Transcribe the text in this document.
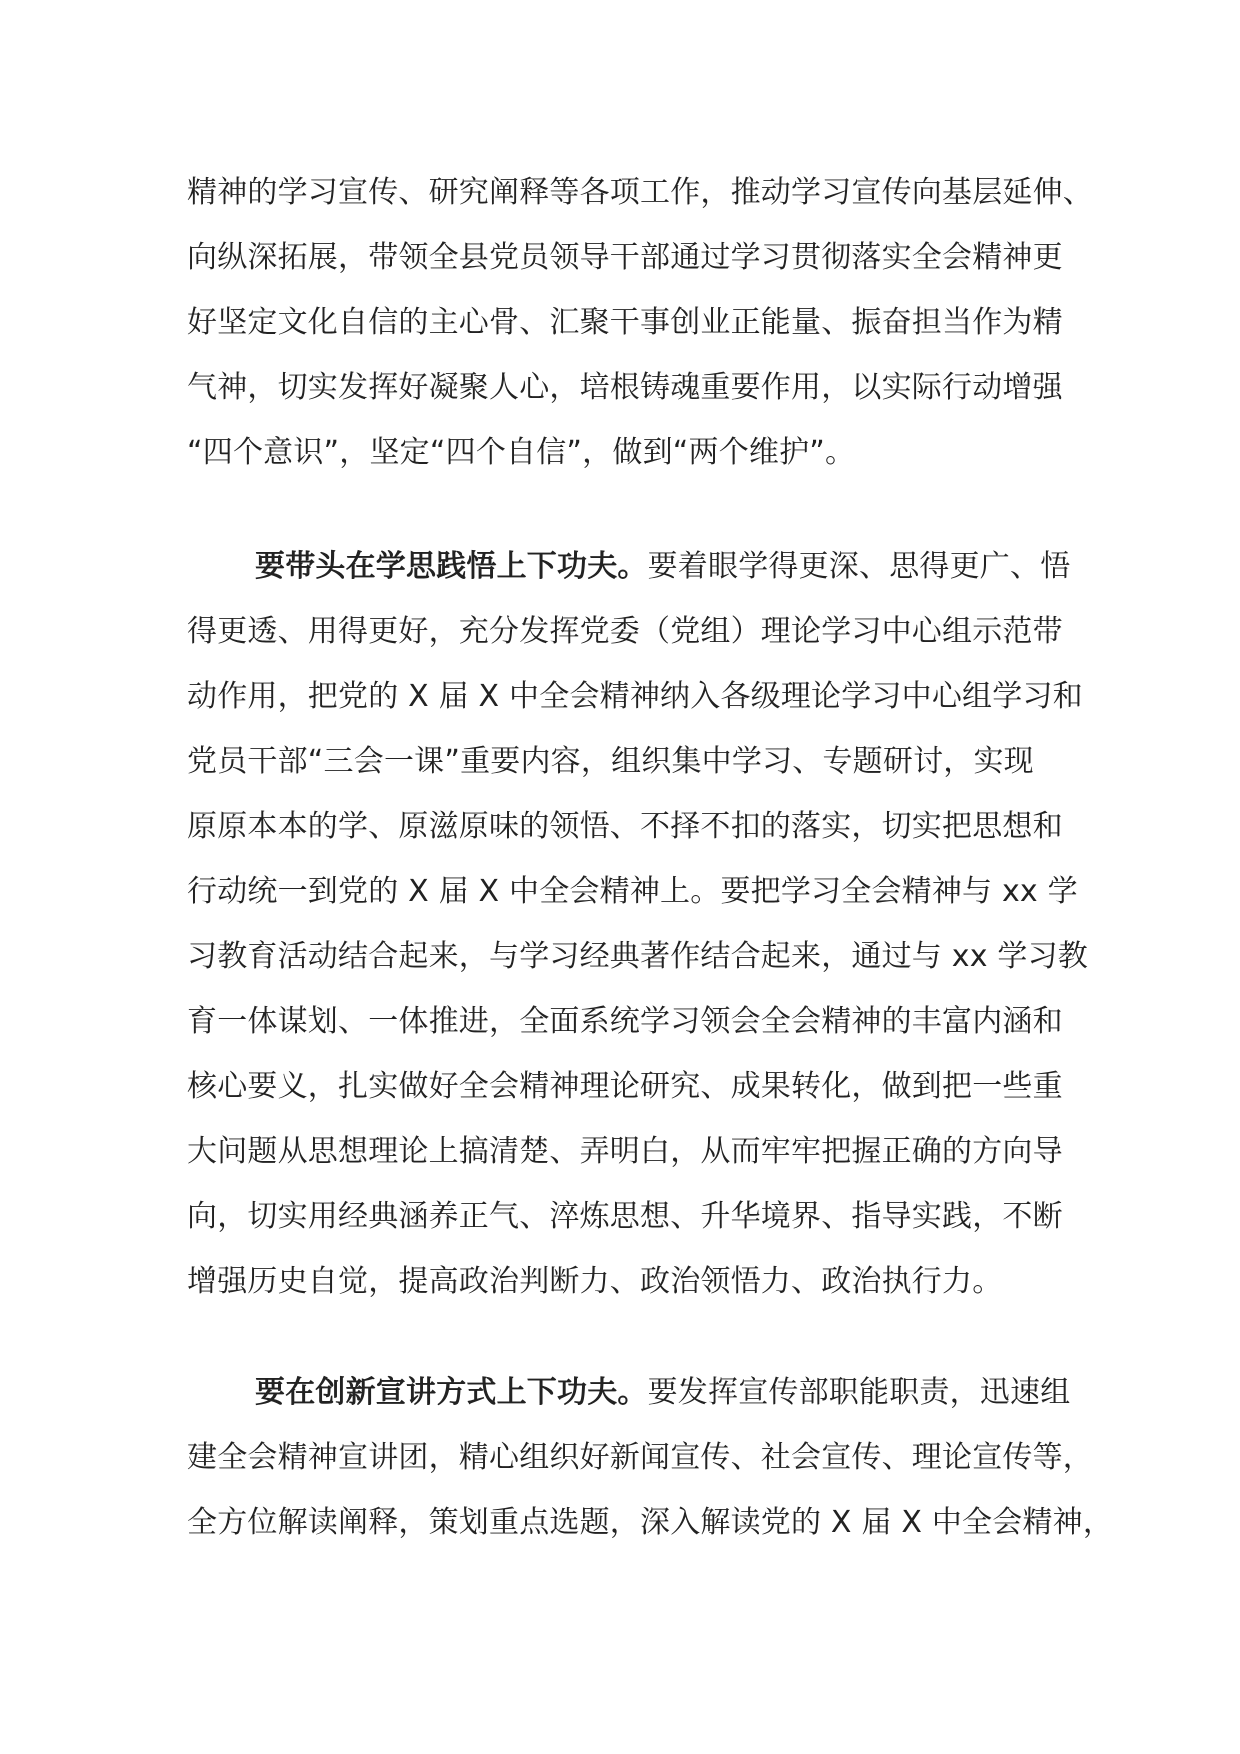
精神的学习宣传、研究阐释等各项工作，推动学习宣传向基层延伸、
向纵深拓展，带领全县党员领导干部通过学习贯彻落实全会精神更
好坚定文化自信的主心骨、汇聚干事创业正能量、振奋担当作为精
气神，切实发挥好凝聚人心，培根铸魂重要作用，以实际行动增强
“四个意识”，坚定“四个自信”，做到“两个维护”。
要带头在学思践悟上下功夫。要着眼学得更深、思得更广、悟
得更透、用得更好，充分发挥党委（党组）理论学习中心组示范带
动作用，把党的 X 届 X 中全会精神纳入各级理论学习中心组学习和
党员干部“三会一课”重要内容，组织集中学习、专题研讨，实现
原原本本的学、原滋原味的领悟、不择不扣的落实，切实把思想和
行动统一到党的 X 届 X 中全会精神上。要把学习全会精神与 xx 学
习教育活动结合起来，与学习经典著作结合起来，通过与 xx 学习教
育一体谋划、一体推进，全面系统学习领会全会精神的丰富内涵和
核心要义，扎实做好全会精神理论研究、成果转化，做到把一些重
大问题从思想理论上搞清楚、弄明白，从而牢牢把握正确的方向导
向，切实用经典涵养正气、淬炼思想、升华境界、指导实践，不断
增强历史自觉，提高政治判断力、政治领悟力、政治执行力。
要在创新宣讲方式上下功夫。要发挥宣传部职能职责，迅速组
建全会精神宣讲团，精心组织好新闻宣传、社会宣传、理论宣传等，
全方位解读阐释，策划重点选题，深入解读党的 X 届 X 中全会精神，
